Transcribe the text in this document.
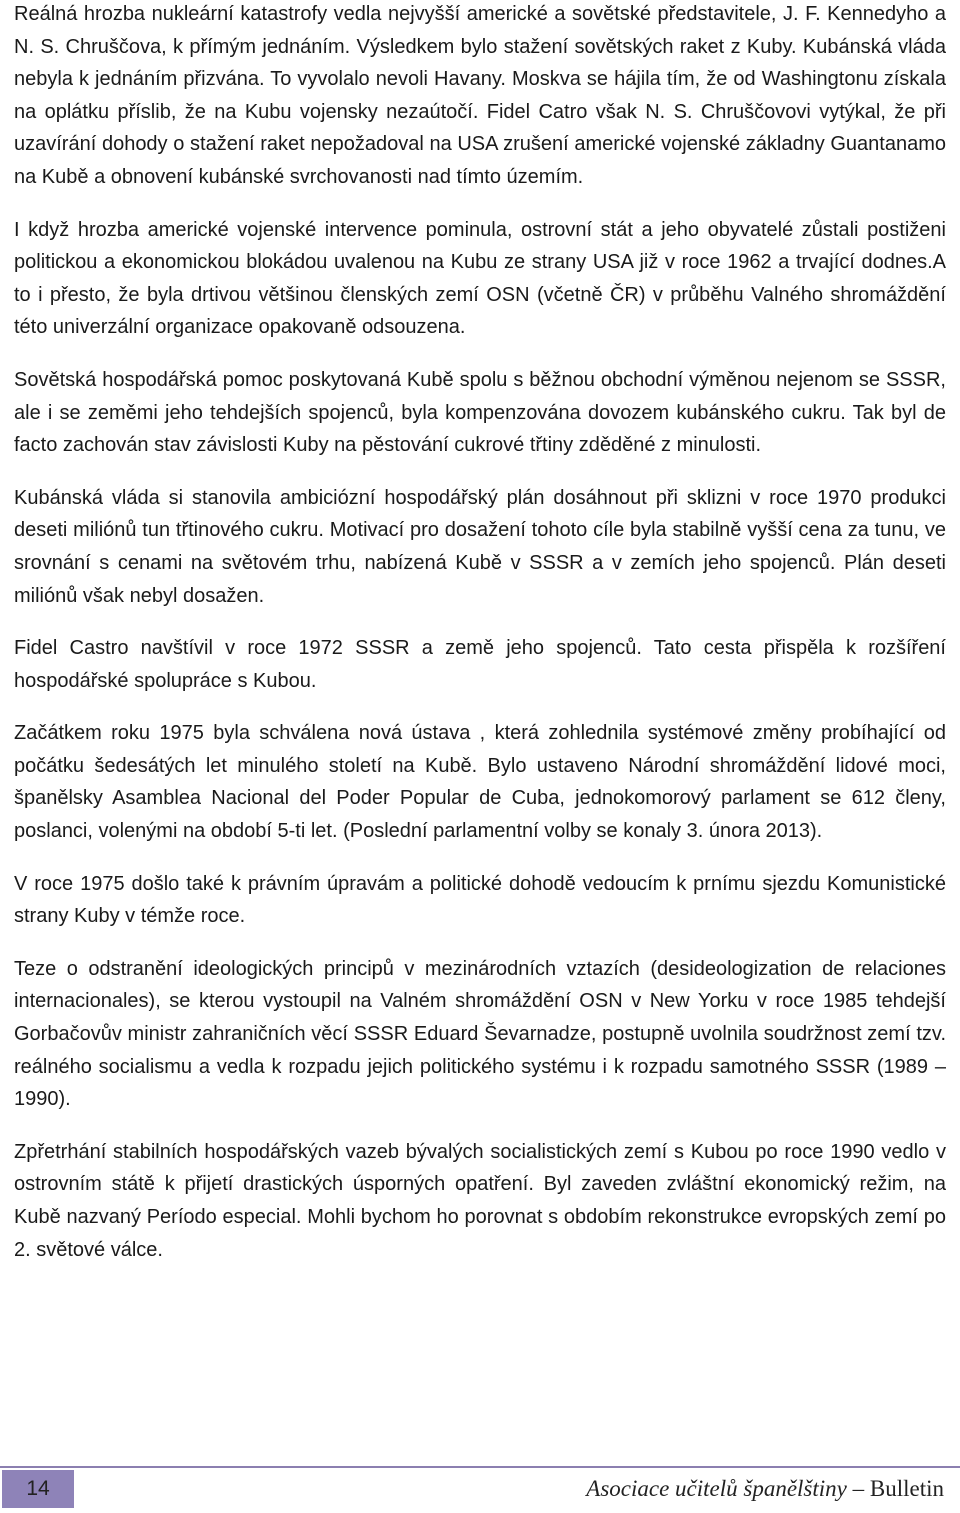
Reálná hrozba nukleární katastrofy vedla nejvyšší americké a sovětské představitele, J. F. Kennedyho a N. S. Chruščova, k přímým jednáním. Výsledkem bylo stažení sovětských raket z Kuby. Kubánská vláda nebyla k jednáním přizvána. To vyvolalo nevoli Havany. Moskva se hájila tím, že od Washingtonu získala na oplátku příslib, že na Kubu vojensky nezaútočí. Fidel Catro však N. S. Chruščovovi vytýkal, že při uzavírání dohody o stažení raket nepožadoval na USA zrušení americké vojenské základny Guantanamo na Kubě a obnovení kubánské svrchovanosti nad tímto územím.

I když hrozba americké vojenské intervence pominula, ostrovní stát a jeho obyvatelé zůstali postiženi politickou a ekonomickou blokádou uvalenou na Kubu ze strany USA již v roce 1962 a trvající dodnes.A to i přesto, že byla drtivou většinou členských zemí OSN (včetně ČR) v průběhu Valného shromáždění této univerzální organizace opakovaně odsouzena.

Sovětská hospodářská pomoc poskytovaná Kubě spolu s běžnou obchodní výměnou nejenom se SSSR, ale i se zeměmi jeho tehdejších spojenců, byla kompenzována dovozem kubánského cukru. Tak byl de facto zachován stav závislosti Kuby na pěstování cukrové třtiny zděděné z minulosti.

Kubánská vláda si stanovila ambiciózní hospodářský plán dosáhnout při sklizni v roce 1970 produkci deseti miliónů tun třtinového cukru. Motivací pro dosažení tohoto cíle byla stabilně vyšší cena za tunu, ve srovnání s cenami na světovém trhu, nabízená Kubě v SSSR a v zemích jeho spojenců. Plán deseti miliónů však nebyl dosažen.

Fidel Castro navštívil v roce 1972 SSSR a země jeho spojenců. Tato cesta přispěla k rozšíření hospodářské spolupráce s Kubou.

Začátkem roku 1975 byla schválena nová ústava , která zohlednila systémové změny probíhající od počátku šedesátých let minulého století na Kubě. Bylo ustaveno Národní shromáždění lidové moci, španělsky Asamblea Nacional del Poder Popular de Cuba, jednokomorový parlament se 612 členy, poslanci, volenými na období 5-ti let. (Poslední parlamentní volby se konaly 3. února 2013).

V roce 1975 došlo také k právním úpravám a politické dohodě vedoucím k prnímu sjezdu Komunistické strany Kuby v témže roce.

Teze o odstranění ideologických principů v mezinárodních vztazích (desideologization de relaciones internacionales), se kterou vystoupil na Valném shromáždění OSN v New Yorku v roce 1985 tehdejší Gorbačovův ministr zahraničních věcí SSSR Eduard Ševarnadze, postupně uvolnila soudržnost zemí tzv. reálného socialismu a vedla k rozpadu jejich politického systému i k rozpadu samotného SSSR (1989 – 1990).

Zpřetrhání stabilních hospodářských vazeb bývalých socialistických zemí s Kubou po roce 1990 vedlo v ostrovním státě k přijetí drastických úsporných opatření. Byl zaveden zvláštní ekonomický režim, na Kubě nazvaný Período especial. Mohli bychom ho porovnat s obdobím rekonstrukce evropských zemí po 2. světové válce.

14	Asociace učitelů španělštiny – Bulletin
